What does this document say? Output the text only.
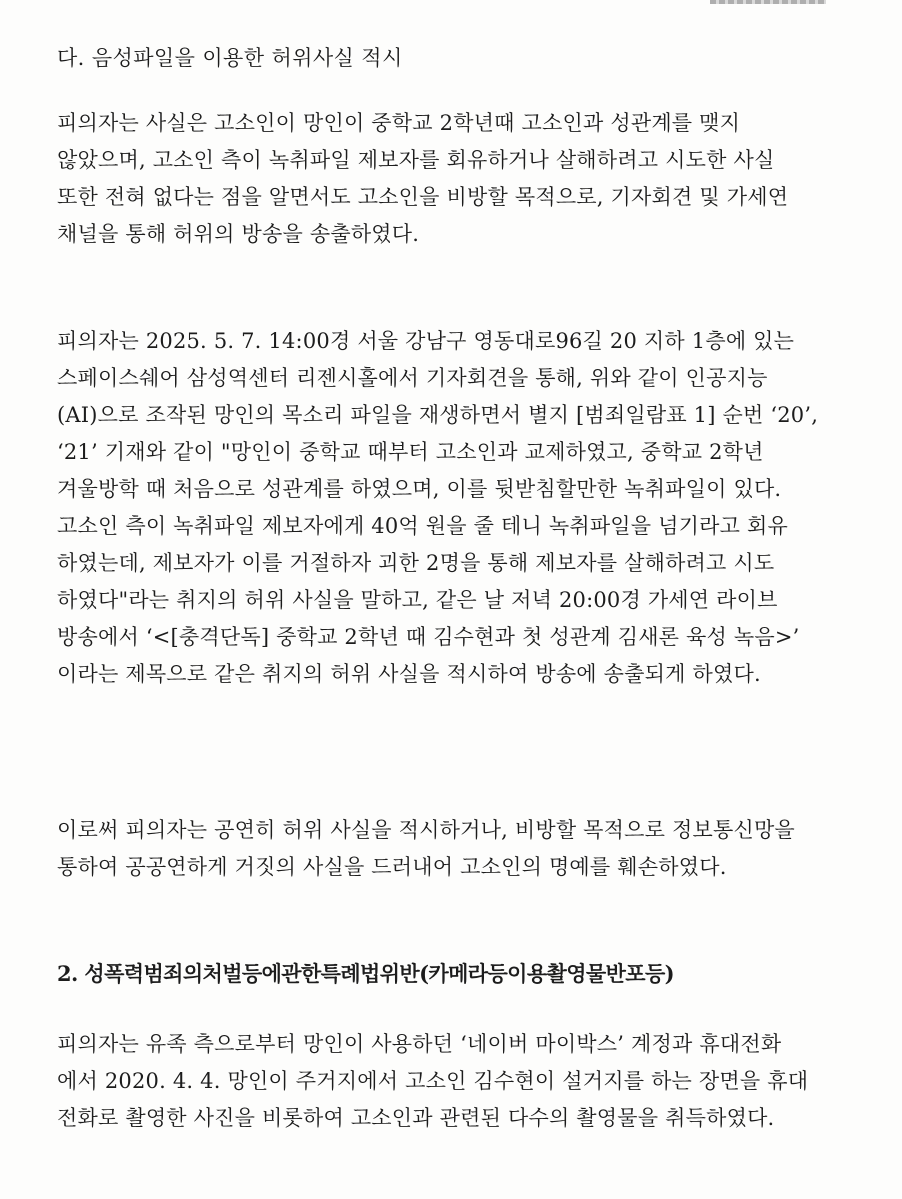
다. 음성파일을 이용한 허위사실 적시
피의자는 사실은 고소인이 망인이 중학교 2학년때 고소인과 성관계를 맺지
않았으며, 고소인 측이 녹취파일 제보자를 회유하거나 살해하려고 시도한 사실
또한 전혀 없다는 점을 알면서도 고소인을 비방할 목적으로, 기자회견 및 가세연
채널을 통해 허위의 방송을 송출하였다.
피의자는 2025. 5. 7. 14:00경 서울 강남구 영동대로96길 20 지하 1층에 있는
스페이스쉐어 삼성역센터 리젠시홀에서 기자회견을 통해, 위와 같이 인공지능
(AI)으로 조작된 망인의 목소리 파일을 재생하면서 별지 [범죄일람표 1] 순번 ‘20’,
‘21’ 기재와 같이 "망인이 중학교 때부터 고소인과 교제하였고, 중학교 2학년
겨울방학 때 처음으로 성관계를 하였으며, 이를 뒷받침할만한 녹취파일이 있다.
고소인 측이 녹취파일 제보자에게 40억 원을 줄 테니 녹취파일을 넘기라고 회유
하였는데, 제보자가 이를 거절하자 괴한 2명을 통해 제보자를 살해하려고 시도
하였다"라는 취지의 허위 사실을 말하고, 같은 날 저녁 20:00경 가세연 라이브
방송에서 ‘<[충격단독] 중학교 2학년 때 김수현과 첫 성관계 김새론 육성 녹음>’
이라는 제목으로 같은 취지의 허위 사실을 적시하여 방송에 송출되게 하였다.
이로써 피의자는 공연히 허위 사실을 적시하거나, 비방할 목적으로 정보통신망을
통하여 공공연하게 거짓의 사실을 드러내어 고소인의 명예를 훼손하였다.
2. 성폭력범죄의처벌등에관한특례법위반(카메라등이용촬영물반포등)
피의자는 유족 측으로부터 망인이 사용하던 ‘네이버 마이박스’ 계정과 휴대전화
에서 2020. 4. 4. 망인이 주거지에서 고소인 김수현이 설거지를 하는 장면을 휴대
전화로 촬영한 사진을 비롯하여 고소인과 관련된 다수의 촬영물을 취득하였다.
